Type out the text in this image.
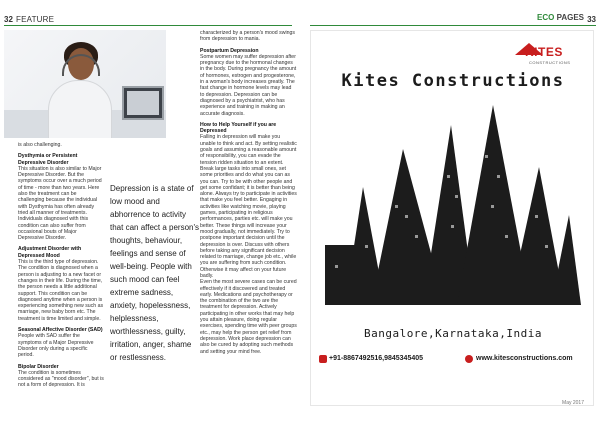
32 FEATURE

is also challenging.

Dysthymia or Persistent Depressive Disorder

This situation is also similar to Major Depressive Disorder. But the symptoms occur over a much period of time - more than two years. Here also the treatment can be challenging because the individual with Dysthymia has often already tried all manner of treatments. Individuals diagnosed with this condition can also suffer from occasional bouts of Major Depressive Disorder.

Adjustment Disorder with Depressed Mood

This is the third type of depression. The condition is diagnosed when a person is adjusting to a new facet or changes in their life. During the time, the person needs a little additional support. This condition can be diagnosed anytime when a person is experiencing something new such as marriage, new baby born etc. The treatment is time limited and simple.

Seasonal Affective Disorder (SAD)

People with SAD suffer the symptoms of a Major Depressive Disorder only during a specific period.

Bipolar Disorder

The condition is sometimes considered as "mood disorder", but is not a form of depression. It is

Depression is a state of low mood and abhorrence to activity that can affect a person's thoughts, behaviour, feelings and sense of well-being. People with such mood can feel extreme sadness, anxiety, hopelessness, helplessness, worthlessness, guilty, irritation, anger, shame or restlessness.

characterized by a person's mood swings from depression to mania.

Postpartum Depression

Some women may suffer depression after pregnancy due to the hormonal changes in the body. During pregnancy the amount of hormones, estrogen and progesterone, in a woman's body increases greatly. The fast change in hormone levels may lead to depression. Depression can be diagnosed by a psychiatrist, who has experience and training in making an accurate diagnosis.

How to Help Yourself if you are Depressed

Falling in depression will make you unable to think and act. By setting realistic goals and assuming a reasonable amount of responsibility, you can evade the tension ridden situation to an extent. Break large tasks into small ones, set some priorities and do what you can as you can. Try to be with other people and get some confidant; it is better than being alone. Always try to participate in activities that make you feel better. Engaging in activities like watching movie, playing games, participating in religious performances, parties etc. will make you better. These things will increase your mood gradually, not immediately. Try to postpone important decision until the depression is over. Discuss with others before taking any significant decision related to marriage, change job etc., while you are suffering from such condition. Otherwise it may affect on your future badly.

Even the most severe cases can be cured effectively if it discovered and treated early. Medications and psychotherapy or the combination of the two are the treatment for depression. Actively participating in other works that may help you attain pleasure, doing regular exercises, spending time with peer groups etc., may help the person get relief from depression. Work place depression can also be cured by adopting such methods and setting your mind free.

33
ECO PAGES
KITES
CONSTRUCTIONS
Kites Constructions
Bangalore,Karnataka,India
+91-8867492516,9845345405	www.kitesconstructions.com
May 2017
